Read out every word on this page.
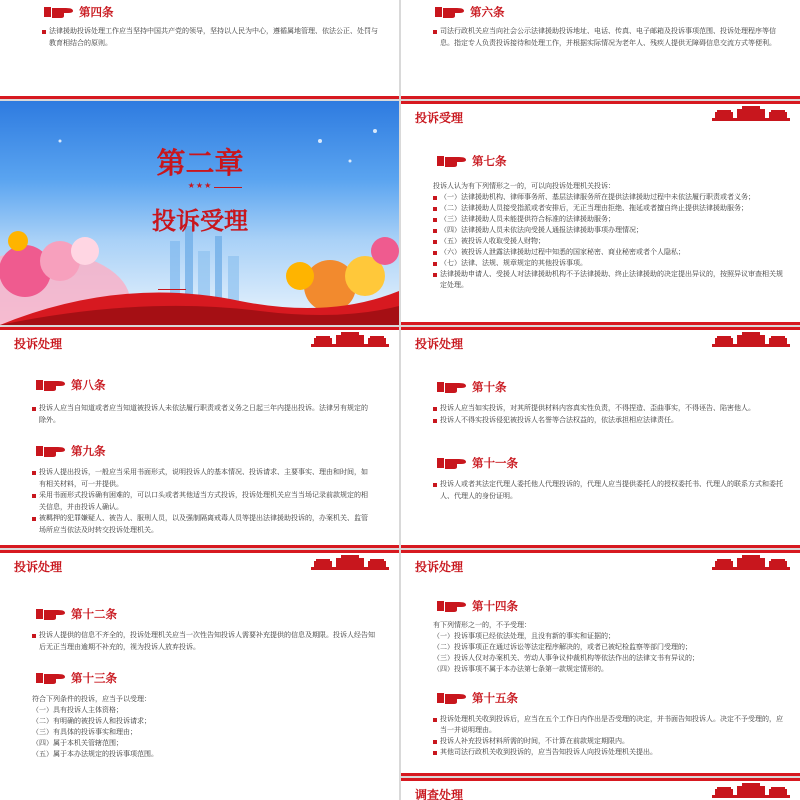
第四条

法律援助投诉处理工作应当坚持中国共产党的领导，坚持以人民为中心，遵循属地管理、依法公正、处罚与教育相结合的原则。

第六条

司法行政机关应当向社会公示法律援助投诉地址、电话、传真、电子邮箱及投诉事项范围、投诉处理程序等信息。指定专人负责投诉接待和处理工作，并根据实际情况为老年人、残疾人提供无障碍信息交流方式等便利。

第二章
★★★
投诉受理
投诉受理
第七条

投诉人认为有下列情形之一的，可以向投诉处理机关投诉：

（一）法律援助机构、律师事务所、基层法律服务所在提供法律援助过程中未依法履行职责或者义务；

（二）法律援助人员接受指派或者安排后，无正当理由拒绝、拖延或者擅自终止提供法律援助服务；

（三）法律援助人员未能提供符合标准的法律援助服务；

（四）法律援助人员未依法向受援人通报法律援助事项办理情况；

（五）被投诉人收取受援人财物；

（六）被投诉人泄露法律援助过程中知悉的国家秘密、商业秘密或者个人隐私；

（七）法律、法规、规章规定的其他投诉事项。

法律援助申请人、受援人对法律援助机构不予法律援助、终止法律援助的决定提出异议的，按照异议审查相关规定处理。

投诉处理
第八条

投诉人应当自知道或者应当知道被投诉人未依法履行职责或者义务之日起三年内提出投诉。法律另有规定的除外。

第九条

投诉人提出投诉，一般应当采用书面形式，说明投诉人的基本情况、投诉请求、主要事实、理由和时间，如有相关材料，可一并提供。

采用书面形式投诉确有困难的，可以口头或者其他适当方式投诉，投诉处理机关应当当场记录前款规定的相关信息，并由投诉人确认。

被羁押的犯罪嫌疑人、被告人、服刑人员，以及强制隔离戒毒人员等提出法律援助投诉的，办案机关、监管场所应当依法及时转交投诉处理机关。

投诉处理
第十条

投诉人应当如实投诉，对其所提供材料内容真实性负责，不得捏造、歪曲事实，不得诬告、陷害他人。

投诉人不得实投诉侵犯被投诉人名誉等合法权益的，依法承担相应法律责任。

第十一条

投诉人或者其法定代理人委托他人代理投诉的，代理人应当提供委托人的授权委托书、代理人的联系方式和委托人、代理人的身份证明。

投诉处理
第十二条

投诉人提供的信息不齐全的，投诉处理机关应当一次性告知投诉人需要补充提供的信息及期限。投诉人经告知后无正当理由逾期不补充的，视为投诉人放弃投诉。

第十三条

符合下列条件的投诉，应当予以受理：

（一）具有投诉人主体资格；

（二）有明确的被投诉人和投诉请求；

（三）有具体的投诉事实和理由；

（四）属于本机关管辖范围；

（五）属于本办法规定的投诉事项范围。

投诉处理
第十四条

有下列情形之一的，不予受理：

（一）投诉事项已经依法处理，且没有新的事实和证据的；

（二）投诉事项正在通过诉讼等法定程序解决的，或者已被纪检监察等部门受理的；

（三）投诉人仅对办案机关、劳动人事争议仲裁机构等依法作出的法律文书有异议的；

（四）投诉事项不属于本办法第七条第一款规定情形的。

第十五条

投诉处理机关收到投诉后，应当在五个工作日内作出是否受理的决定，并书面告知投诉人。决定不予受理的，应当一并说明理由。

投诉人补充投诉材料所需的时间，不计算在前款规定期限内。

其他司法行政机关收到投诉的，应当告知投诉人向投诉处理机关提出。

调查处理
